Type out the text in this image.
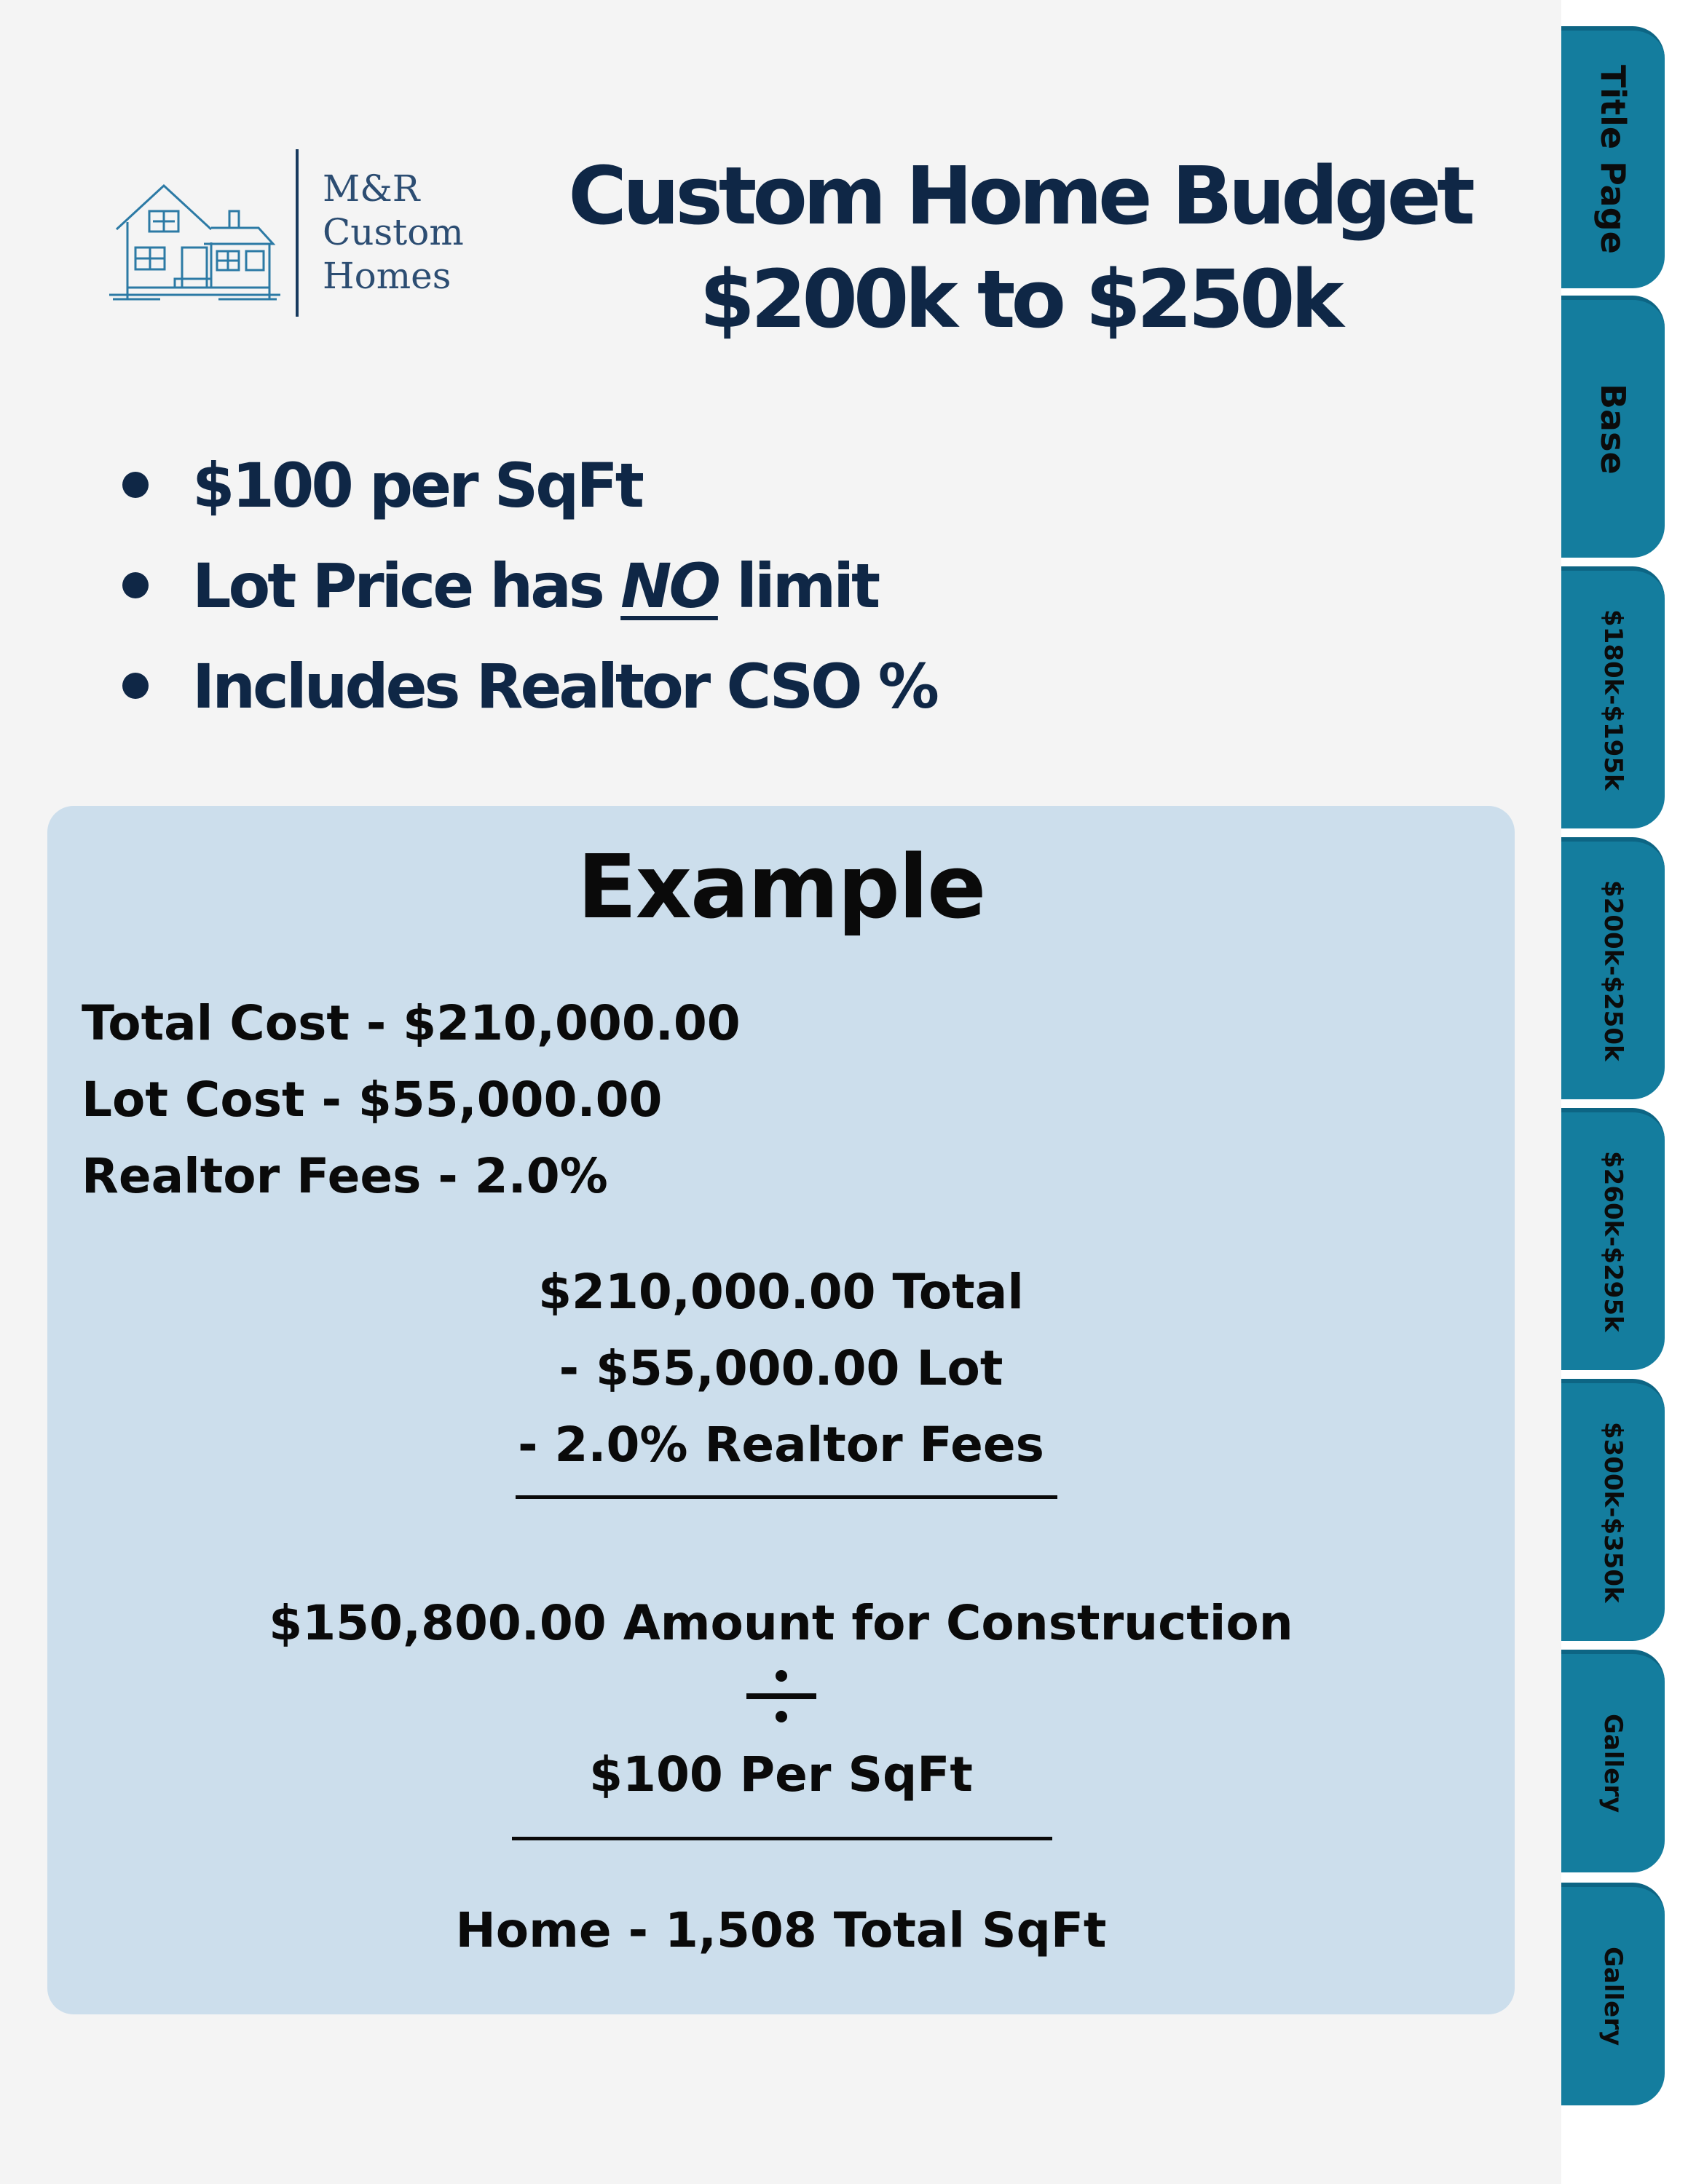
M&R
Custom
Homes
Custom Home Budget
$200k to $250k
$100 per SqFt
Lot Price has NO limit
Includes Realtor CSO %
Example
Total Cost - $210,000.00
Lot Cost - $55,000.00
Realtor Fees - 2.0%
$210,000.00 Total
- $55,000.00 Lot
- 2.0% Realtor Fees
$150,800.00 Amount for Construction
$100 Per SqFt
Home - 1,508 Total SqFt
Title Page
Base
$180k-$195k
$200k-$250k
$260k-$295k
$300k-$350k
Gallery
Gallery
